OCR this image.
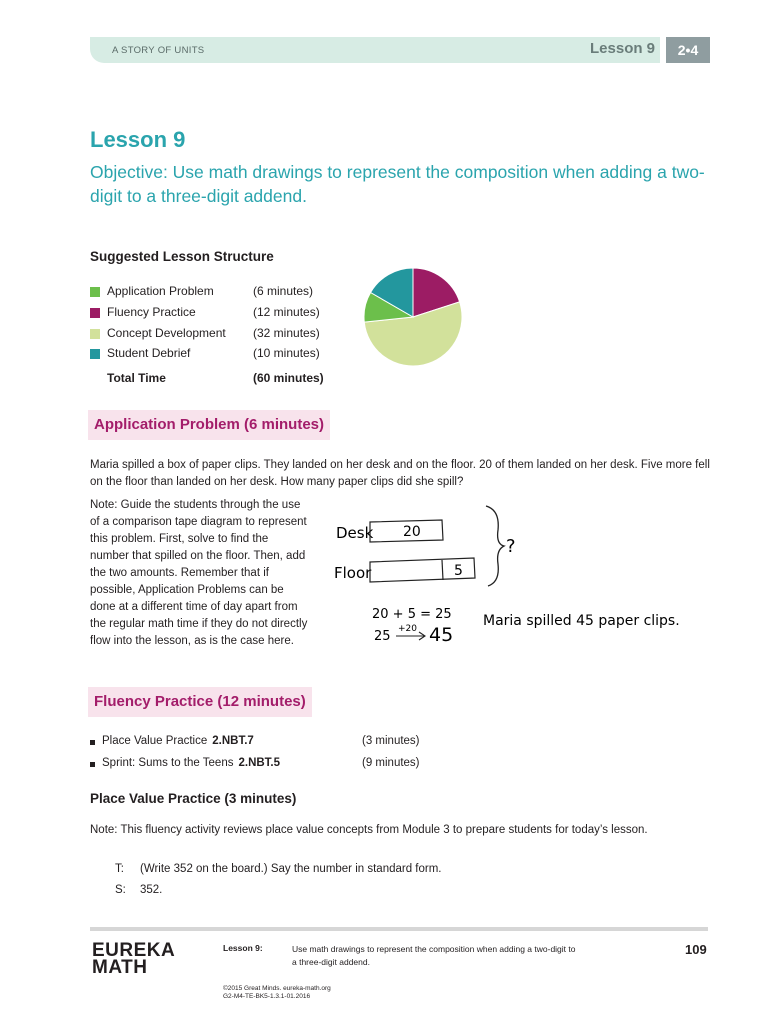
A STORY OF UNITS	Lesson 9	2•4
Lesson 9
Objective: Use math drawings to represent the composition when adding a two-digit to a three-digit addend.
Suggested Lesson Structure
Application Problem	(6 minutes)
Fluency Practice	(12 minutes)
Concept Development (32 minutes)
Student Debrief	(10 minutes)
Total Time	(60 minutes)
Application Problem (6 minutes)
Maria spilled a box of paper clips. They landed on her desk and on the floor. 20 of them landed on her desk. Five more fell on the floor than landed on her desk. How many paper clips did she spill?
Note: Guide the students through the use of a comparison tape diagram to represent this problem. First, solve to find the number that spilled on the floor. Then, add the two amounts. Remember that if possible, Application Problems can be done at a different time of day apart from the regular math time if they do not directly flow into the lesson, as is the case here.
Desk 20
Floor	5
?
20 + 5 = 25
25 +20 45
Maria spilled 45 paper clips.
Fluency Practice (12 minutes)
Place Value Practice 2.NBT.7	(3 minutes)
Sprint: Sums to the Teens 2.NBT.5	(9 minutes)
Place Value Practice (3 minutes)
Note: This fluency activity reviews place value concepts from Module 3 to prepare students for today’s lesson.
T: (Write 352 on the board.) Say the number in standard form.
S: 352.
EUREKA
MATH
Lesson 9:	Use math drawings to represent the composition when adding a two-digit to a three-digit addend.
109
©2015 Great Minds. eureka-math.org
G2-M4-TE-BK5-1.3.1-01.2016
